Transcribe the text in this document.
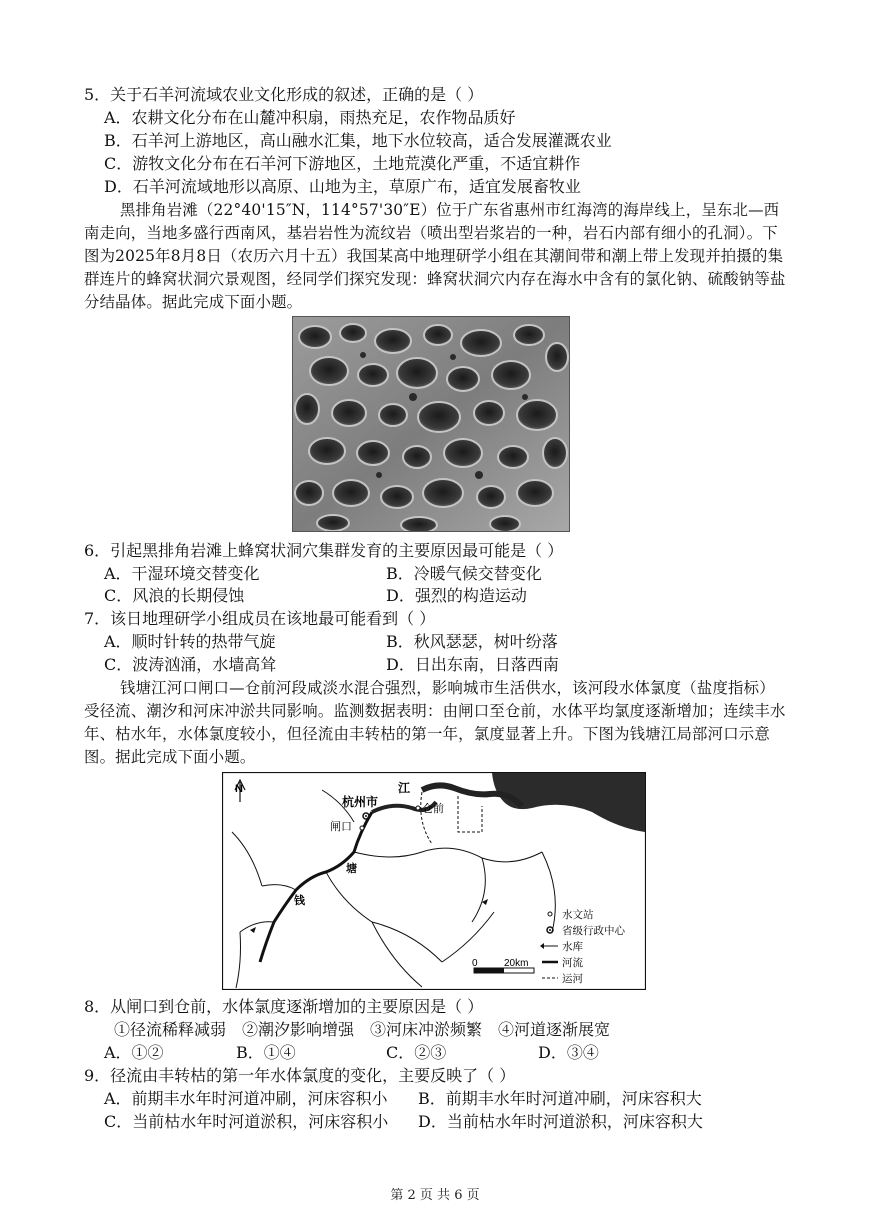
5．关于石羊河流域农业文化形成的叙述，正确的是（ ）
A．农耕文化分布在山麓冲积扇，雨热充足，农作物品质好
B．石羊河上游地区，高山融水汇集，地下水位较高，适合发展灌溉农业
C．游牧文化分布在石羊河下游地区，土地荒漠化严重，不适宜耕作
D．石羊河流域地形以高原、山地为主，草原广布，适宜发展畜牧业
黑排角岩滩（22°40'15″N，114°57'30″E）位于广东省惠州市红海湾的海岸线上，呈东北—西南走向，当地多盛行西南风，基岩岩性为流纹岩（喷出型岩浆岩的一种，岩石内部有细小的孔洞）。下图为2025年8月8日（农历六月十五）我国某高中地理研学小组在其潮间带和潮上带上发现并拍摄的集群连片的蜂窝状洞穴景观图，经同学们探究发现：蜂窝状洞穴内存在海水中含有的氯化钠、硫酸钠等盐分结晶体。据此完成下面小题。
6．引起黑排角岩滩上蜂窝状洞穴集群发育的主要原因最可能是（ ）
A．干湿环境交替变化	B．冷暖气候交替变化
C．风浪的长期侵蚀	D．强烈的构造运动
7．该日地理研学小组成员在该地最可能看到（ ）
A．顺时针转的热带气旋	B．秋风瑟瑟，树叶纷落
C．波涛汹涌，水墙高耸	D．日出东南，日落西南
钱塘江河口闸口—仓前河段咸淡水混合强烈，影响城市生活供水，该河段水体氯度（盐度指标）受径流、潮汐和河床冲淤共同影响。监测数据表明：由闸口至仓前，水体平均氯度逐渐增加；连续丰水年、枯水年，水体氯度较小，但径流由丰转枯的第一年，氯度显著上升。下图为钱塘江局部河口示意图。据此完成下面小题。
N
杭州市
江
仓前
闸口
塘
钱
0	20km
水文站
省级行政中心
水库
河流
运河
8．从闸口到仓前，水体氯度逐渐增加的主要原因是（ ）
①径流稀释减弱　②潮汐影响增强　③河床冲淤频繁　④河道逐渐展宽
A．①②	B．①④	C．②③	D．③④
9．径流由丰转枯的第一年水体氯度的变化，主要反映了（ ）
A．前期丰水年时河道冲刷，河床容积小 B．前期丰水年时河道冲刷，河床容积大
C．当前枯水年时河道淤积，河床容积小 D．当前枯水年时河道淤积，河床容积大
第 2 页 共 6 页
